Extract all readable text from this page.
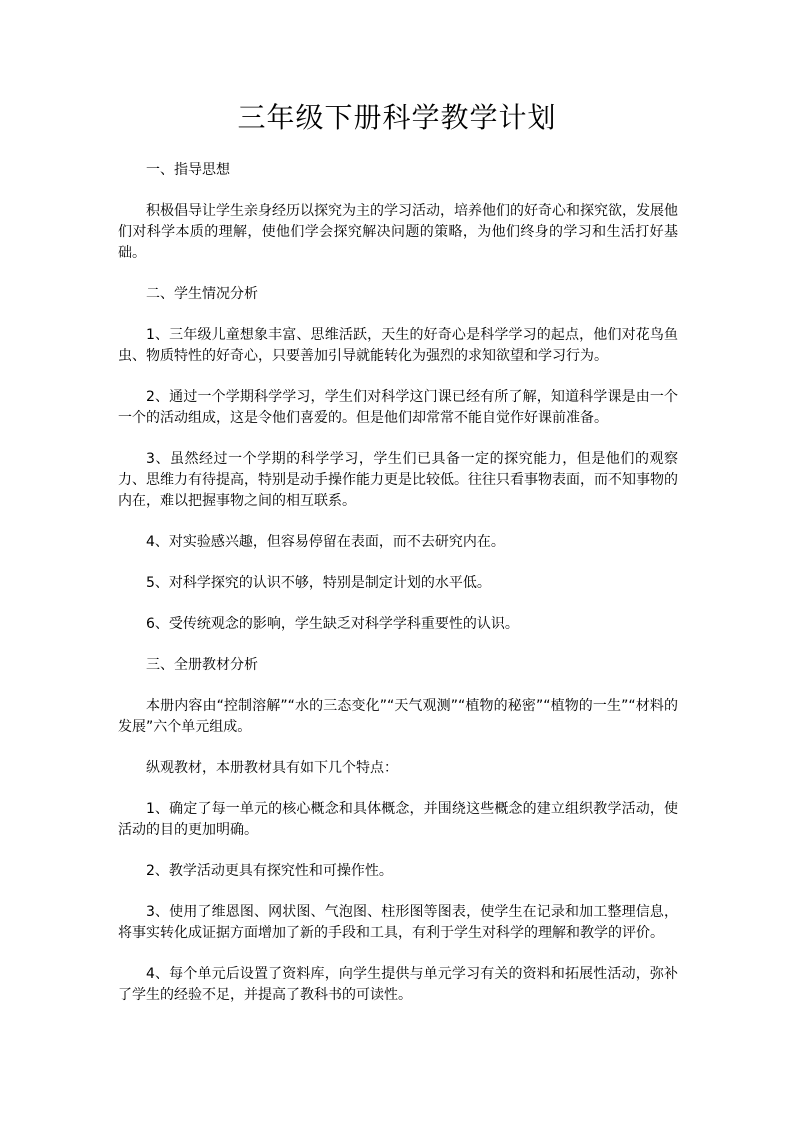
三年级下册科学教学计划

一、指导思想

积极倡导让学生亲身经历以探究为主的学习活动，培养他们的好奇心和探究欲，发展他们对科学本质的理解，使他们学会探究解决问题的策略，为他们终身的学习和生活打好基础。

二、学生情况分析

1、三年级儿童想象丰富、思维活跃，天生的好奇心是科学学习的起点，他们对花鸟鱼虫、物质特性的好奇心，只要善加引导就能转化为强烈的求知欲望和学习行为。

2、通过一个学期科学学习，学生们对科学这门课已经有所了解，知道科学课是由一个一个的活动组成，这是令他们喜爱的。但是他们却常常不能自觉作好课前准备。

3、虽然经过一个学期的科学学习，学生们已具备一定的探究能力，但是他们的观察力、思维力有待提高，特别是动手操作能力更是比较低。往往只看事物表面，而不知事物的内在，难以把握事物之间的相互联系。

4、对实验感兴趣，但容易停留在表面，而不去研究内在。

5、对科学探究的认识不够，特别是制定计划的水平低。

6、受传统观念的影响，学生缺乏对科学学科重要性的认识。

三、全册教材分析

本册内容由“控制溶解”“水的三态变化”“天气观测”“植物的秘密”“植物的一生”“材料的发展”六个单元组成。

纵观教材，本册教材具有如下几个特点：

1、确定了每一单元的核心概念和具体概念，并围绕这些概念的建立组织教学活动，使活动的目的更加明确。

2、教学活动更具有探究性和可操作性。

3、使用了维恩图、网状图、气泡图、柱形图等图表，使学生在记录和加工整理信息，将事实转化成证据方面增加了新的手段和工具，有利于学生对科学的理解和教学的评价。

4、每个单元后设置了资料库，向学生提供与单元学习有关的资料和拓展性活动，弥补了学生的经验不足，并提高了教科书的可读性。
